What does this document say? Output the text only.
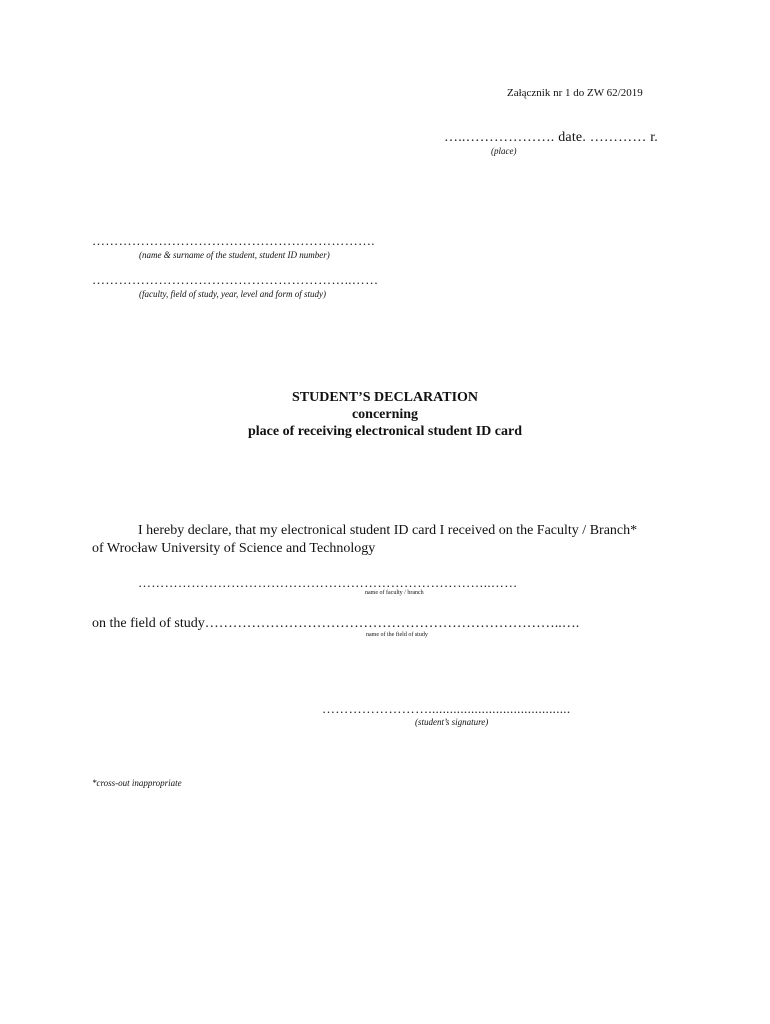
Załącznik nr 1 do ZW 62/2019
…..………………. date. ………… r.
(place)
……………………………………………………….
(name & surname of the student, student ID number)
…………………………………………………..……
(faculty, field of study, year, level and form of study)
STUDENT’S DECLARATION
concerning
place of receiving electronical student ID card
I hereby declare, that my electronical student ID card I received on the Faculty / Branch* of Wrocław University of Science and Technology
……………………………………………………………………..……
name of faculty / branch
on the field of study…………………………………………………………………..….
name of the field of study
……………………........................................
(student’s signature)
*cross-out inappropriate
